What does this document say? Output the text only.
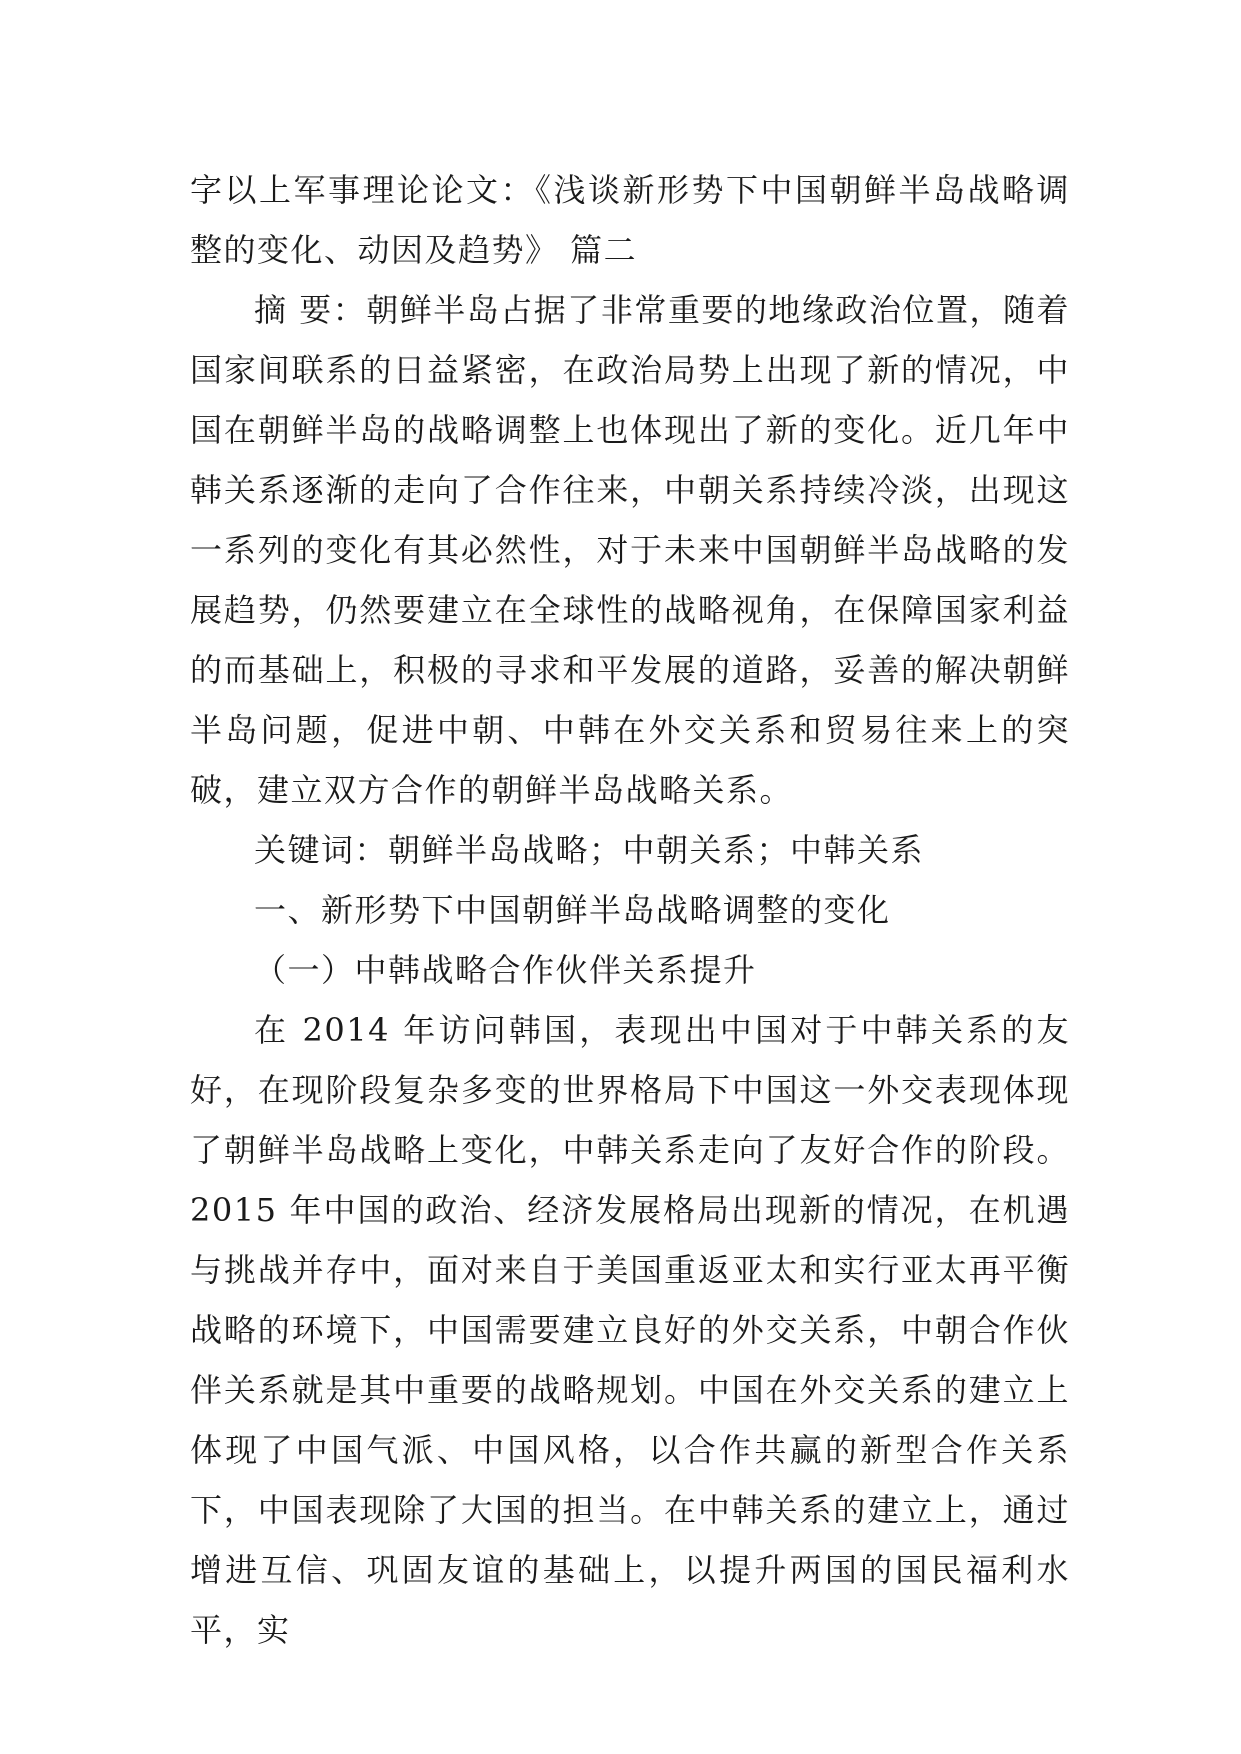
字以上军事理论论文：《浅谈新形势下中国朝鲜半岛战略调整的变化、动因及趋势》 篇二

摘 要：朝鲜半岛占据了非常重要的地缘政治位置，随着国家间联系的日益紧密，在政治局势上出现了新的情况，中国在朝鲜半岛的战略调整上也体现出了新的变化。近几年中韩关系逐渐的走向了合作往来，中朝关系持续冷淡，出现这一系列的变化有其必然性，对于未来中国朝鲜半岛战略的发展趋势，仍然要建立在全球性的战略视角，在保障国家利益的而基础上，积极的寻求和平发展的道路，妥善的解决朝鲜半岛问题，促进中朝、中韩在外交关系和贸易往来上的突破，建立双方合作的朝鲜半岛战略关系。

关键词：朝鲜半岛战略；中朝关系；中韩关系

一、新形势下中国朝鲜半岛战略调整的变化

（一）中韩战略合作伙伴关系提升

在 2014 年访问韩国，表现出中国对于中韩关系的友好，在现阶段复杂多变的世界格局下中国这一外交表现体现了朝鲜半岛战略上变化，中韩关系走向了友好合作的阶段。2015 年中国的政治、经济发展格局出现新的情况，在机遇与挑战并存中，面对来自于美国重返亚太和实行亚太再平衡战略的环境下，中国需要建立良好的外交关系，中朝合作伙伴关系就是其中重要的战略规划。中国在外交关系的建立上体现了中国气派、中国风格，以合作共赢的新型合作关系下，中国表现除了大国的担当。在中韩关系的建立上，通过增进互信、巩固友谊的基础上，以提升两国的国民福利水平，实
